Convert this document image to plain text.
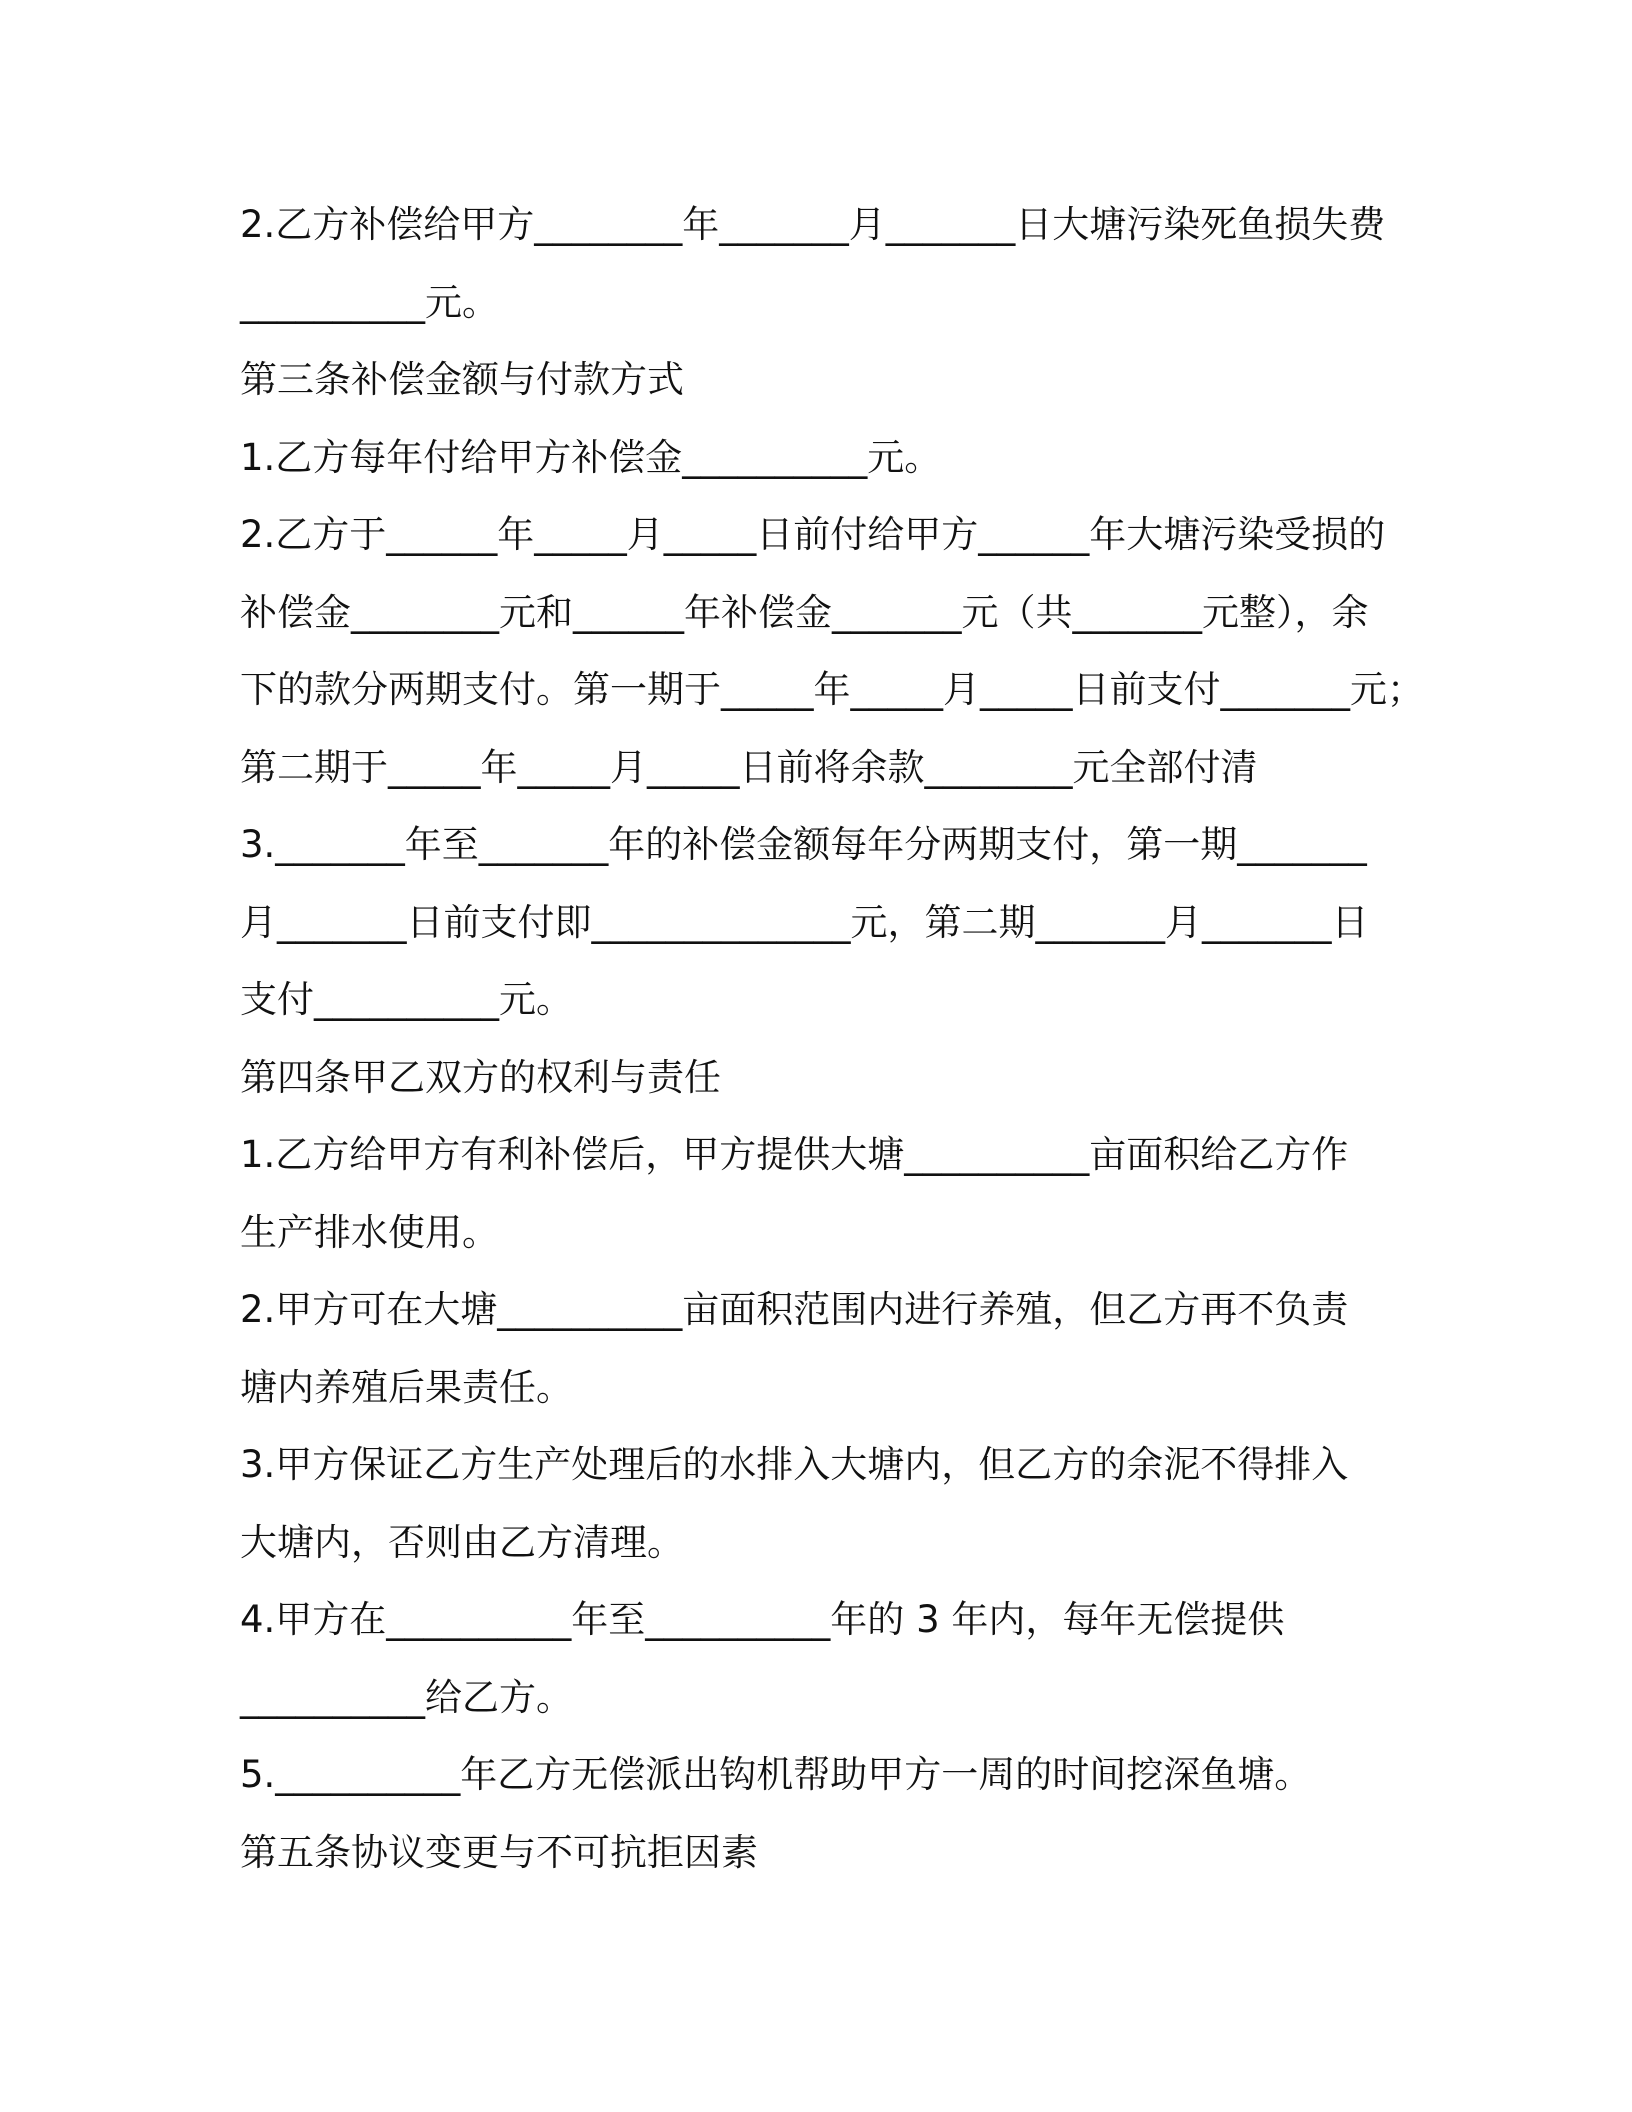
2.乙方补偿给甲方________年_______月_______日大塘污染死鱼损失费
__________元。
第三条补偿金额与付款方式
1.乙方每年付给甲方补偿金__________元。
2.乙方于______年_____月_____日前付给甲方______年大塘污染受损的
补偿金________元和______年补偿金_______元（共_______元整），余
下的款分两期支付。第一期于_____年_____月_____日前支付_______元；
第二期于_____年_____月_____日前将余款________元全部付清
3._______年至_______年的补偿金额每年分两期支付，第一期_______
月_______日前支付即______________元，第二期_______月_______日
支付__________元。
第四条甲乙双方的权利与责任
1.乙方给甲方有利补偿后，甲方提供大塘__________亩面积给乙方作
生产排水使用。
2.甲方可在大塘__________亩面积范围内进行养殖，但乙方再不负责
塘内养殖后果责任。
3.甲方保证乙方生产处理后的水排入大塘内，但乙方的余泥不得排入
大塘内，否则由乙方清理。
4.甲方在__________年至__________年的 3 年内，每年无偿提供
__________给乙方。
5.__________年乙方无偿派出钩机帮助甲方一周的时间挖深鱼塘。
第五条协议变更与不可抗拒因素
